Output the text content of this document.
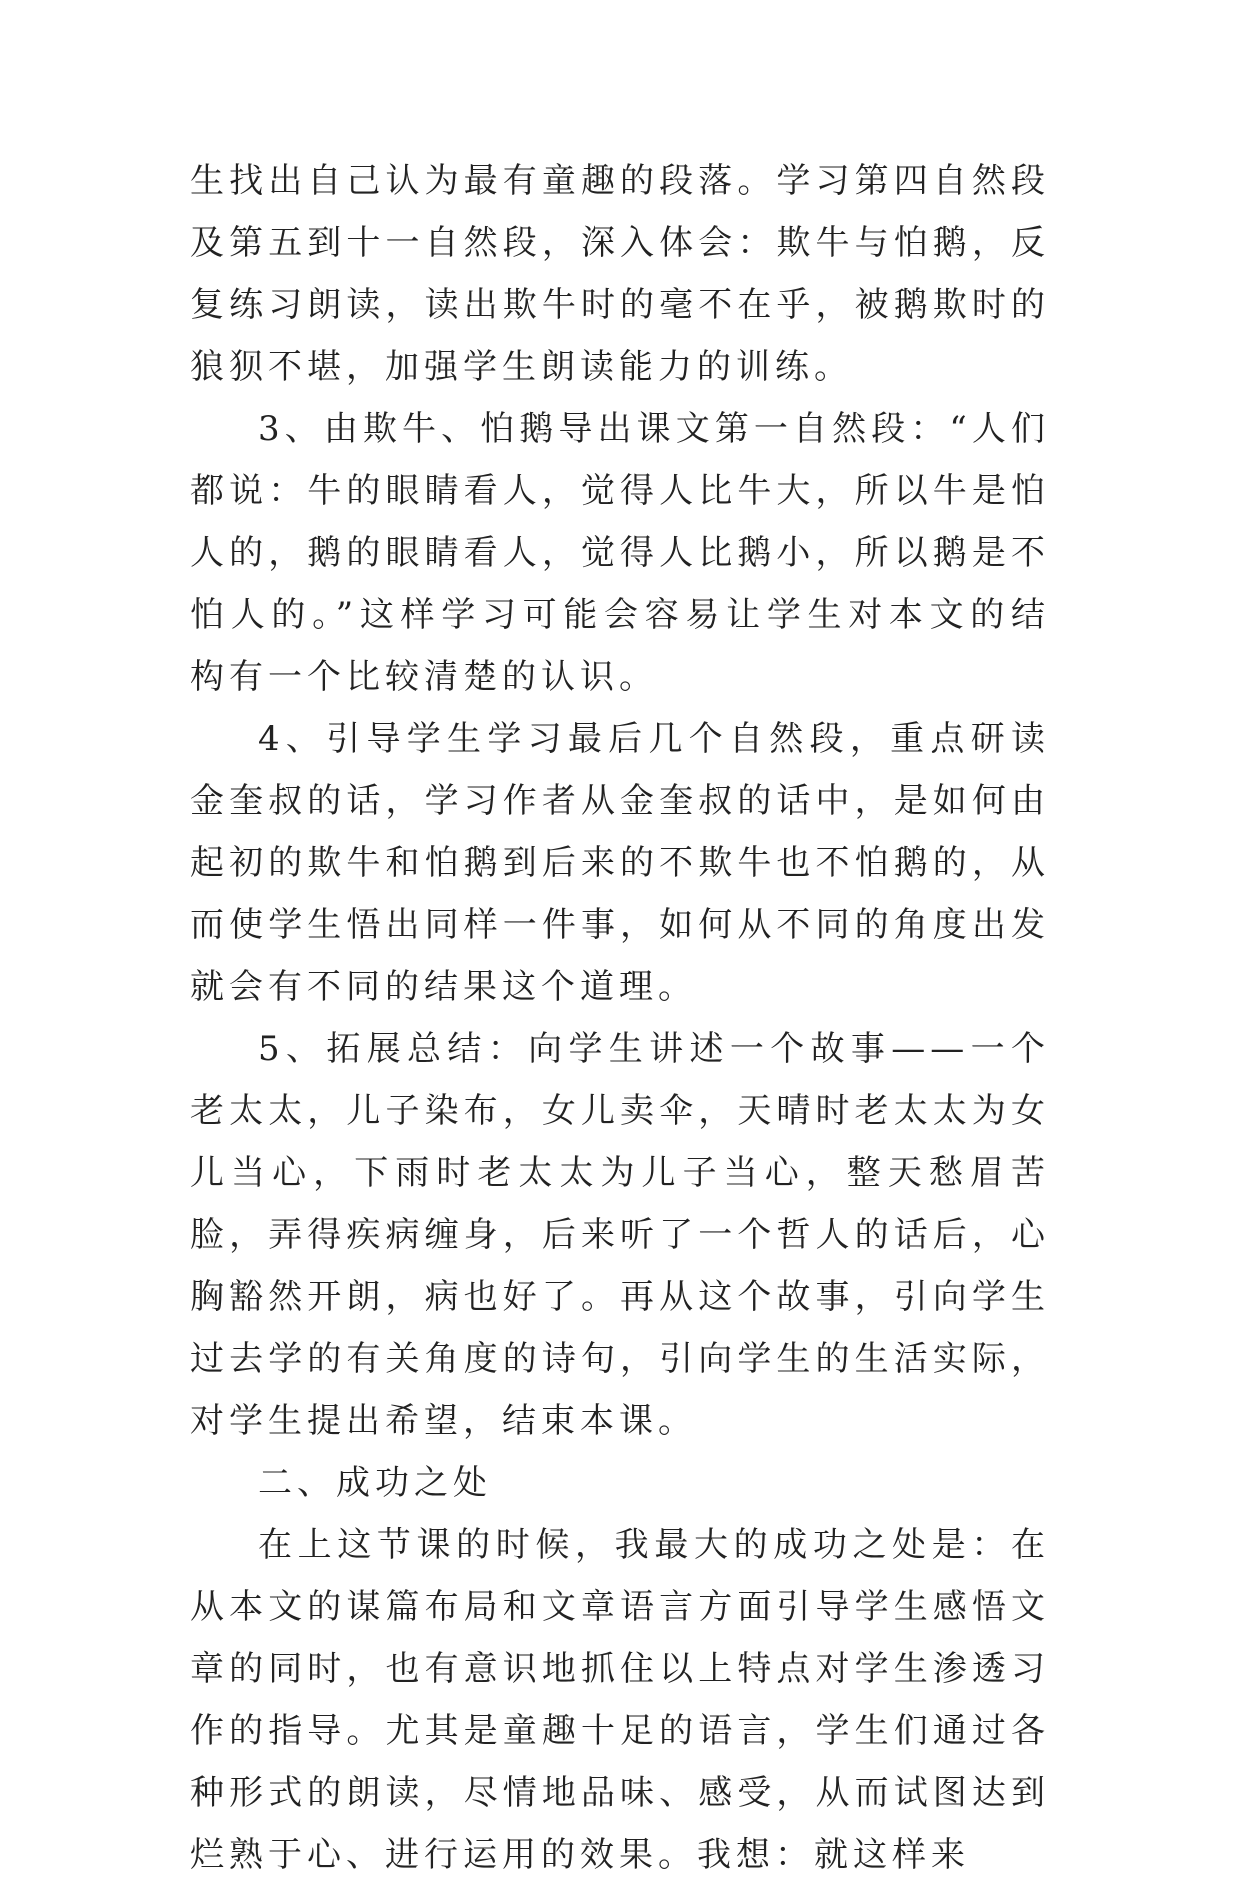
生找出自己认为最有童趣的段落。学习第四自然段及第五到十一自然段，深入体会：欺牛与怕鹅，反复练习朗读，读出欺牛时的毫不在乎，被鹅欺时的狼狈不堪，加强学生朗读能力的训练。

3、由欺牛、怕鹅导出课文第一自然段：“人们都说：牛的眼睛看人，觉得人比牛大，所以牛是怕人的，鹅的眼睛看人，觉得人比鹅小，所以鹅是不怕人的。”这样学习可能会容易让学生对本文的结构有一个比较清楚的认识。

4、引导学生学习最后几个自然段，重点研读金奎叔的话，学习作者从金奎叔的话中，是如何由起初的欺牛和怕鹅到后来的不欺牛也不怕鹅的，从而使学生悟出同样一件事，如何从不同的角度出发就会有不同的结果这个道理。

5、拓展总结：向学生讲述一个故事——一个老太太，儿子染布，女儿卖伞，天晴时老太太为女儿当心，下雨时老太太为儿子当心，整天愁眉苦脸，弄得疾病缠身，后来听了一个哲人的话后，心胸豁然开朗，病也好了。再从这个故事，引向学生过去学的有关角度的诗句，引向学生的生活实际，对学生提出希望，结束本课。

二、成功之处

在上这节课的时候，我最大的成功之处是：在从本文的谋篇布局和文章语言方面引导学生感悟文章的同时，也有意识地抓住以上特点对学生渗透习作的指导。尤其是童趣十足的语言，学生们通过各种形式的朗读，尽情地品味、感受，从而试图达到烂熟于心、进行运用的效果。我想：就这样来
